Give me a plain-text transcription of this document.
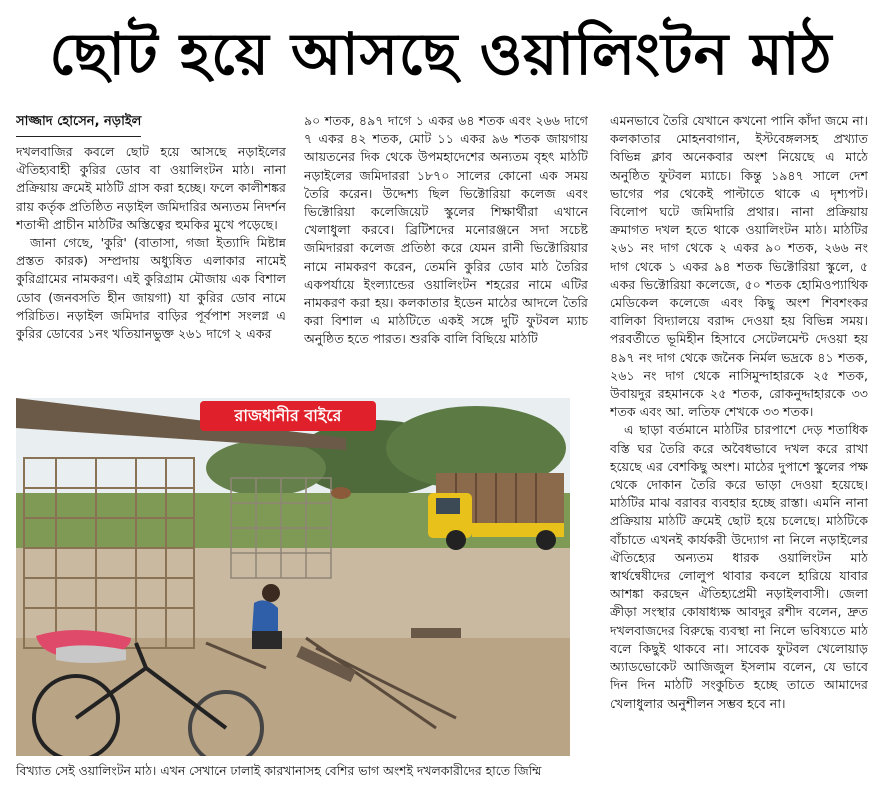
ছোট হয়ে আসছে ওয়ালিংটন মাঠ
সাজ্জাদ হোসেন, নড়াইল

দখলবাজির কবলে ছোট হয়ে আসছে নড়াইলের ঐতিহ্যবাহী কুরির ডোব বা ওয়ালিংটন মাঠ। নানা প্রক্রিয়ায় ক্রমেই মাঠটি গ্রাস করা হচ্ছে। ফলে কালীশঙ্কর রায় কর্তৃক প্রতিষ্ঠিত নড়াইল জমিদারির অন্যতম নিদর্শন শতাব্দী প্রাচীন মাঠটির অস্তিত্বের হুমকির মুখে পড়েছে।

জানা গেছে, 'কুরি' (বাতাসা, গজা ইত্যাদি মিষ্টান্ন প্রস্তত কারক) সম্প্রদায় অধ্যুষিত এলাকার নামেই কুরিগ্রামের নামকরণ। এই কুরিগ্রাম মৌজায় এক বিশাল ডোব (জনবসতি হীন জায়গা) যা কুরির ডোব নামে পরিচিত। নড়াইল জমিদার বাড়ির পূর্বপাশ সংলগ্ন এ কুরির ডোবের ১নং খতিয়ানভুক্ত ২৬১ দাগে ২ একর

৯০ শতক, ৪৯৭ দাগে ১ একর ৬৪ শতক এবং ২৬৬ দাগে ৭ একর ৪২ শতক, মোট ১১ একর ৯৬ শতক জায়গায় আয়তনের দিক থেকে উপমহাদেশের অন্যতম বৃহৎ মাঠটি নড়াইলের জমিদাররা ১৮৭০ সালের কোনো এক সময় তৈরি করেন। উদ্দেশ্য ছিল ভিক্টোরিয়া কলেজ এবং ভিক্টোরিয়া কলেজিয়েট স্কুলের শিক্ষার্থীরা এখানে খেলাধুলা করবে। ব্রিটিশদের মনোরঞ্জনে সদা সচেষ্ট জমিদাররা কলেজ প্রতিষ্ঠা করে যেমন রানী ভিক্টোরিয়ার নামে নামকরণ করেন, তেমনি কুরির ডোব মাঠ তৈরির একপর্যায়ে ইংল্যান্ডের ওয়ালিংটন শহরের নামে এটির নামকরণ করা হয়। কলকাতার ইডেন মাঠের আদলে তৈরি করা বিশাল এ মাঠটিতে একই সঙ্গে দুটি ফুটবল ম্যাচ অনুষ্ঠিত হতে পারত। শুরকি বালি বিছিয়ে মাঠটি

এমনভাবে তৈরি যেখানে কখনো পানি কাঁদা জমে না। কলকাতার মোহনবাগান, ইস্টবেঙ্গলসহ প্রখ্যাত বিভিন্ন ক্লাব অনেকবার অংশ নিয়েছে এ মাঠে অনুষ্ঠিত ফুটবল ম্যাচে। কিন্তু ১৯৪৭ সালে দেশ ভাগের পর থেকেই পাল্টাতে থাকে এ দৃশ্যপট। বিলোপ ঘটে জমিদারি প্রথার। নানা প্রক্রিয়ায় ক্রমাগত দখল হতে থাকে ওয়ালিংটন মাঠ। মাঠটির ২৬১ নং দাগ থেকে ২ একর ৯০ শতক, ২৬৬ নং দাগ থেকে ১ একর ৯৪ শতক ভিক্টোরিয়া স্কুলে, ৫ একর ভিক্টোরিয়া কলেজে, ৫০ শতক হোমিওপ্যাথিক মেডিকেল কলেজে এবং কিছু অংশ শিবশংকর বালিকা বিদ্যালয়ে বরাদ্দ দেওয়া হয় বিভিন্ন সময়। পরবর্তীতে ভূমিহীন হিসাবে সেটেলমেন্ট দেওয়া হয় ৪৯৭ নং দাগ থেকে জনৈক নির্মল ভদ্রকে ৪১ শতক, ২৬১ নং দাগ থেকে নাসিমুন্দাহারকে ২৫ শতক, উবায়দুর রহমানকে ২৫ শতক, রোকনুদ্দাহারকে ৩৩ শতক এবং আ. লতিফ শেখকে ৩৩ শতক।

এ ছাড়া বর্তমানে মাঠটির চারপাশে দেড় শতাধিক বস্তি ঘর তৈরি করে অবৈধভাবে দখল করে রাখা হয়েছে এর বেশকিছু অংশ। মাঠের দুপাশে স্কুলের পক্ষ থেকে দোকান তৈরি করে ভাড়া দেওয়া হয়েছে। মাঠটির মাঝ বরাবর ব্যবহার হচ্ছে রাস্তা। এমনি নানা প্রক্রিয়ায় মাঠটি ক্রমেই ছোট হয়ে চলেছে। মাঠটিকে বাঁচাতে এখনই কার্যকরী উদ্যোগ না নিলে নড়াইলের ঐতিহ্যের অন্যতম ধারক ওয়ালিংটন মাঠ স্বার্থন্বেষীদের লোলুপ থাবার কবলে হারিয়ে যাবার আশঙ্কা করছেন ঐতিহ্যপ্রেমী নড়াইলবাসী। জেলা ক্রীড়া সংস্থার কোষাধ্যক্ষ আবদুর রশীদ বলেন, দ্রুত দখলবাজদের বিরুদ্ধে ব্যবস্থা না নিলে ভবিষ্যতে মাঠ বলে কিছুই থাকবে না। সাবেক ফুটবল খেলোয়াড় অ্যাডভোকেট আজিজুল ইসলাম বলেন, যে ভাবে দিন দিন মাঠটি সংকুচিত হচ্ছে তাতে আমাদের খেলাধুলার অনুশীলন সম্ভব হবে না।

রাজধানীর বাইরে
বিখ্যাত সেই ওয়ালিংটন মাঠ। এখন সেখানে ঢালাই কারখানাসহ বেশির ভাগ অংশই দখলকারীদের হাতে জিম্মি
